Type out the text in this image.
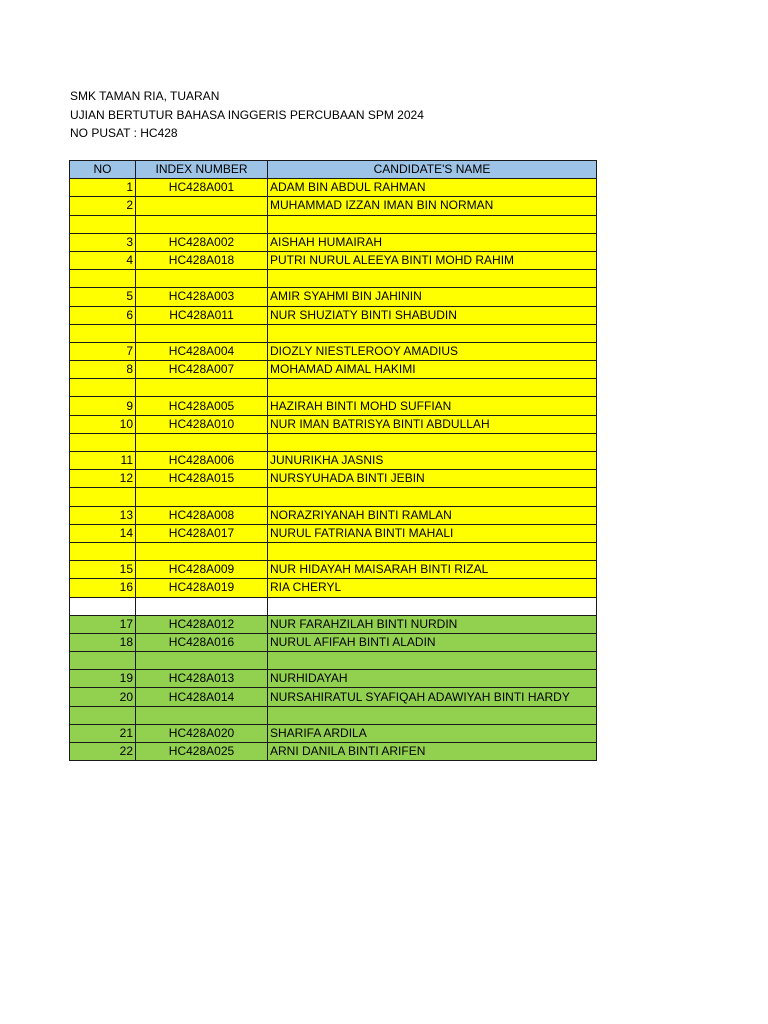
SMK TAMAN RIA, TUARAN
UJIAN BERTUTUR BAHASA INGGERIS PERCUBAAN SPM 2024
NO PUSAT : HC428
NO	INDEX NUMBER	CANDIDATE'S NAME
1	HC428A001	ADAM BIN ABDUL RAHMAN
2		MUHAMMAD IZZAN IMAN BIN NORMAN

3	HC428A002	AISHAH HUMAIRAH
4	HC428A018	PUTRI NURUL ALEEYA BINTI MOHD RAHIM

5	HC428A003	AMIR SYAHMI BIN JAHININ
6	HC428A011	NUR SHUZIATY BINTI SHABUDIN

7	HC428A004	DIOZLY NIESTLEROOY AMADIUS
8	HC428A007	MOHAMAD AIMAL HAKIMI

9	HC428A005	HAZIRAH BINTI MOHD SUFFIAN
10	HC428A010	NUR IMAN BATRISYA BINTI ABDULLAH

11	HC428A006	JUNURIKHA JASNIS
12	HC428A015	NURSYUHADA BINTI JEBIN

13	HC428A008	NORAZRIYANAH BINTI RAMLAN
14	HC428A017	NURUL FATRIANA BINTI MAHALI

15	HC428A009	NUR HIDAYAH MAISARAH BINTI RIZAL
16	HC428A019	RIA CHERYL

17	HC428A012	NUR FARAHZILAH BINTI NURDIN
18	HC428A016	NURUL AFIFAH BINTI ALADIN

19	HC428A013	NURHIDAYAH
20	HC428A014	NURSAHIRATUL SYAFIQAH ADAWIYAH BINTI HARDY

21	HC428A020	SHARIFA ARDILA
22	HC428A025	ARNI DANILA BINTI ARIFEN
